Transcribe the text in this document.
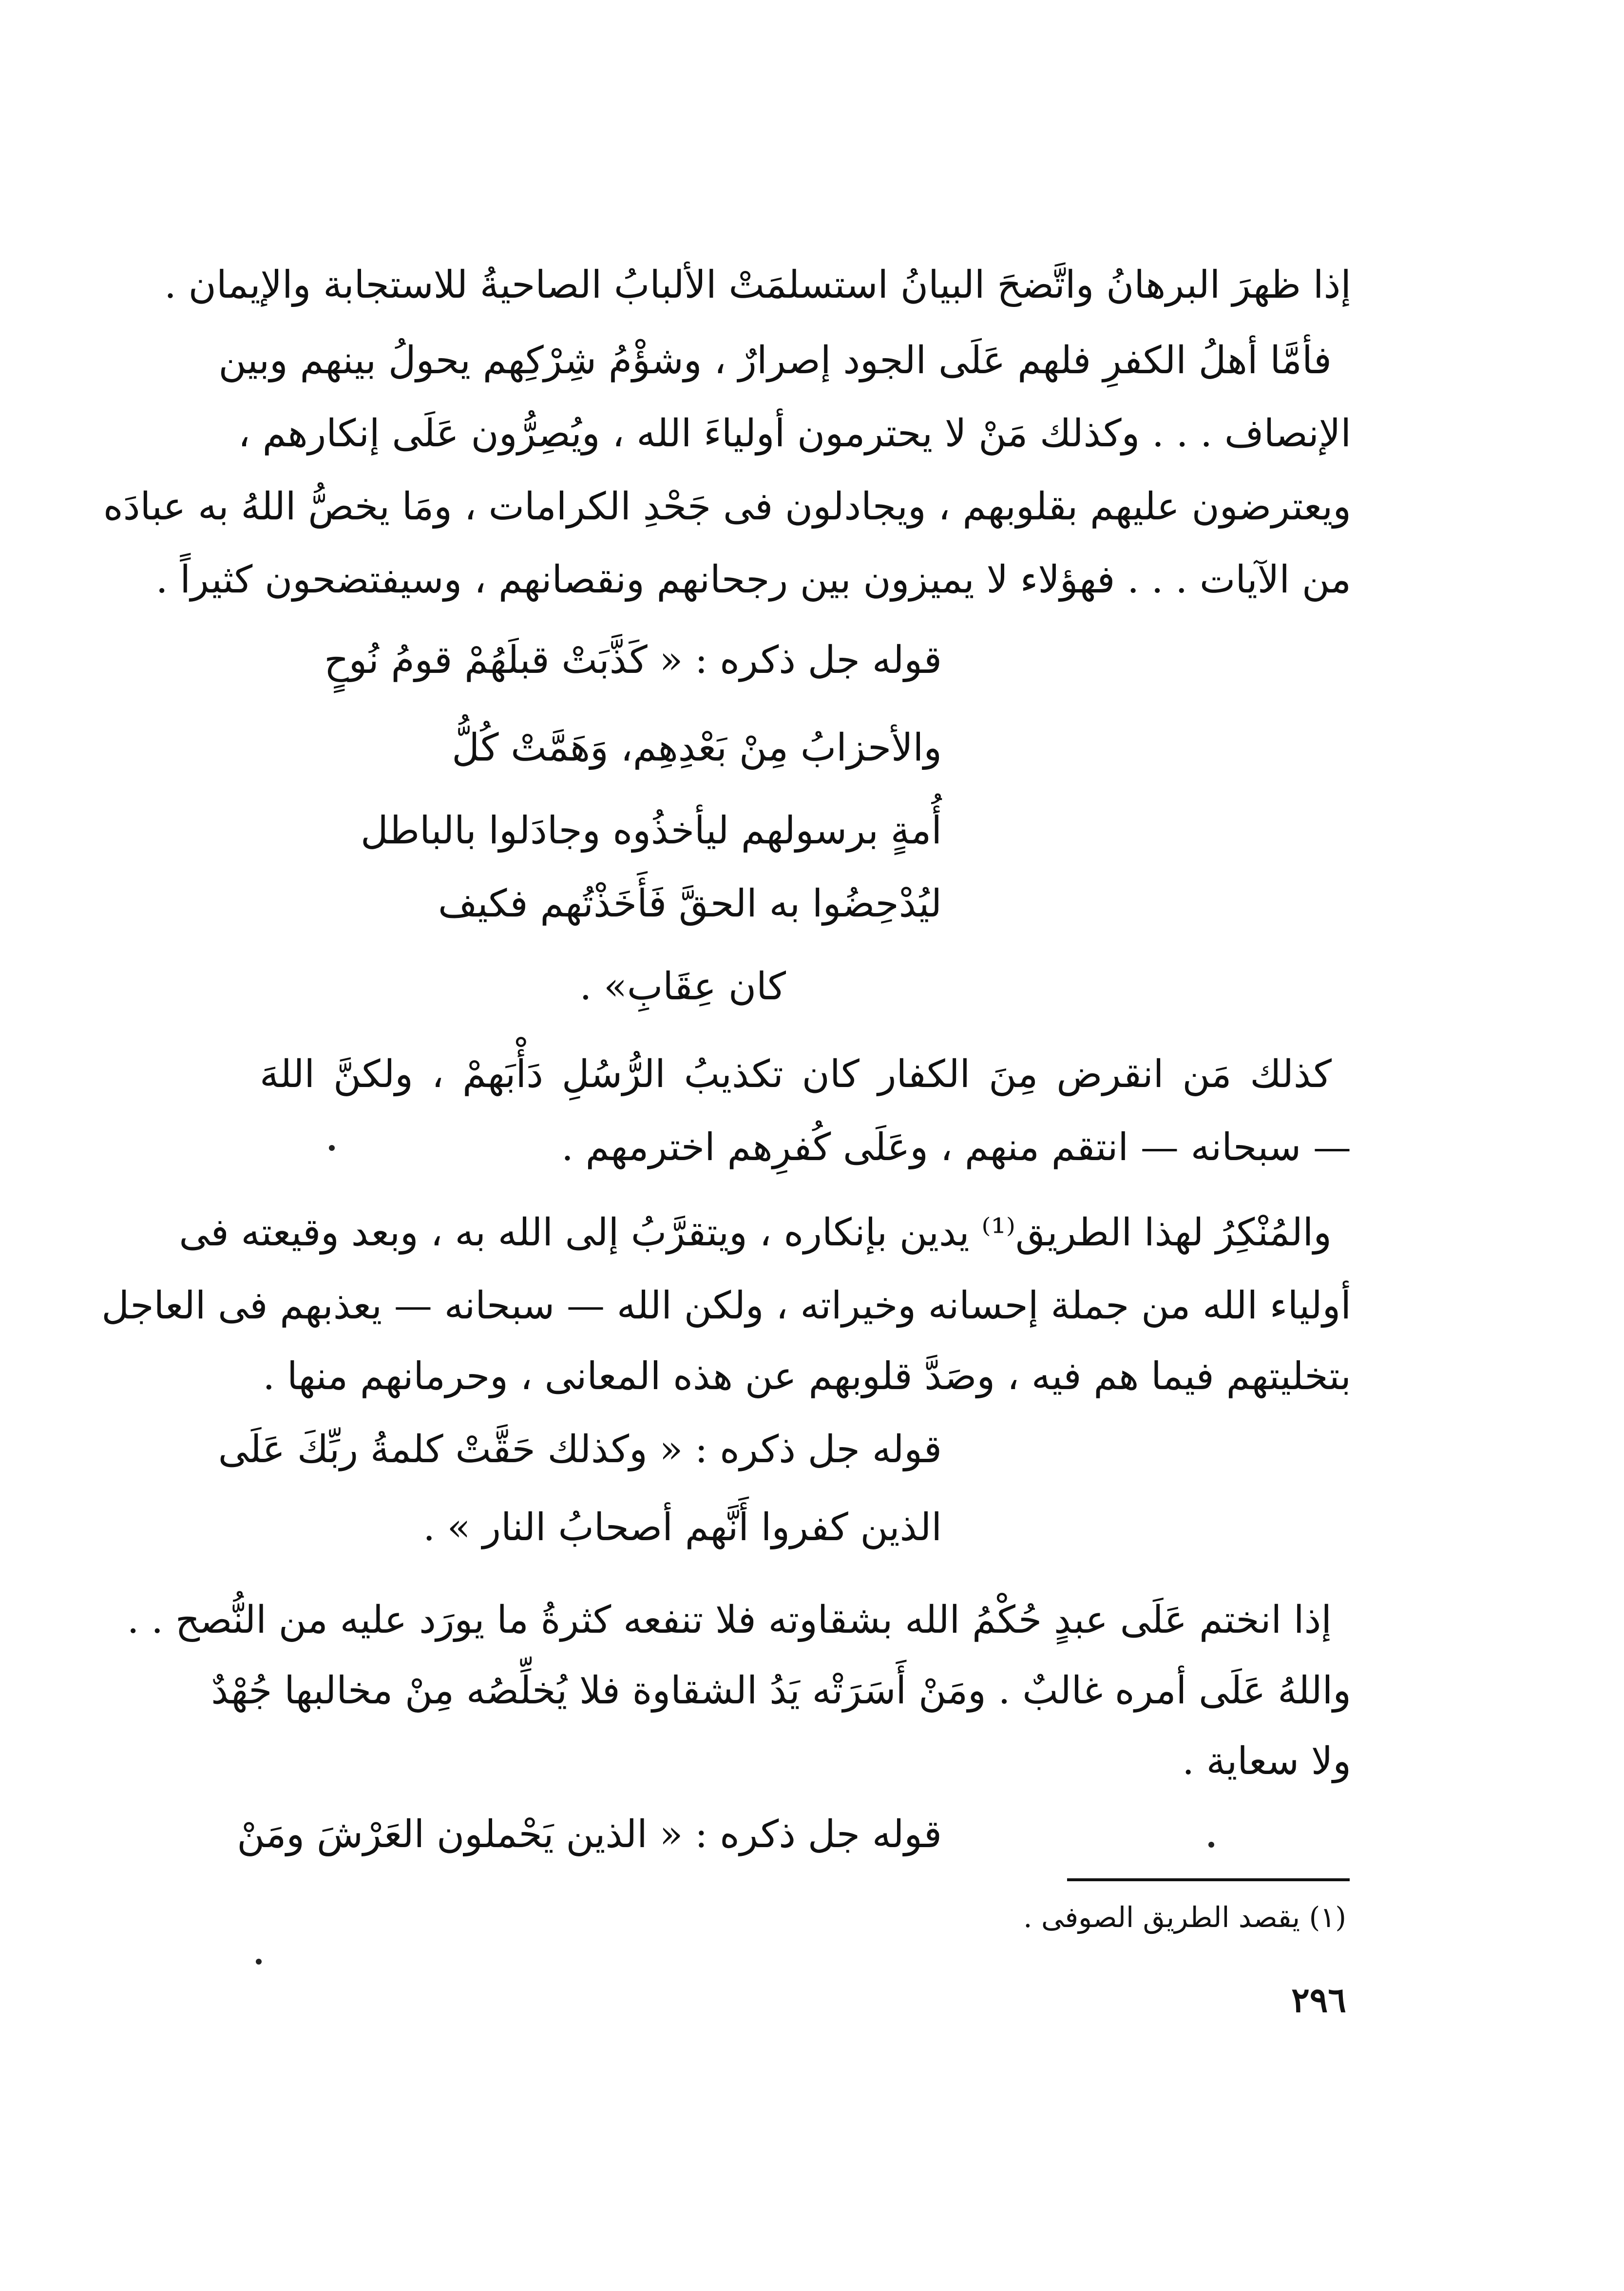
إذا ظهرَ البرهانُ واتَّضحَ البيانُ استسلمَتْ الألبابُ الصاحيةُ للاستجابة والإيمان .
فأمَّا أهلُ الكفرِ فلهم عَلَى الجود إصرارٌ ، وشؤْمُ شِرْكِهم يحولُ بينهم وبين
الإنصاف . . . وكذلك مَنْ لا يحترمون أولياءَ الله ، ويُصِرُّون عَلَى إنكارهم ،
ويعترضون عليهم بقلوبهم ، ويجادلون فى جَحْدِ الكرامات ، ومَا يخصُّ اللهُ به عبادَه
من الآيات . . . فهؤلاء لا يميزون بين رجحانهم ونقصانهم ، وسيفتضحون كثيراً .
قوله جل ذكره : « كَذَّبَتْ قبلَهُمْ قومُ نُوحٍ
والأحزابُ مِنْ بَعْدِهِم، وَهَمَّتْ كُلُّ
أُمةٍ برسولهم ليأخذُوه وجادَلوا بالباطل
ليُدْحِضُوا به الحقَّ فَأَخَذْتُهم فكيف
كان عِقَابِ» .
كذلك مَن انقرض مِنَ الكفار كان تكذيبُ الرُّسُلِ دَأْبَهمْ ، ولكنَّ اللهَ
— سبحانه — انتقم منهم ، وعَلَى كُفرِهم اخترمهم .
والمُنْكِرُ لهذا الطريق⁽¹⁾ يدين بإنكاره ، ويتقرَّبُ إلى الله به ، وبعد وقيعته فى
أولياء الله من جملة إحسانه وخيراته ، ولكن الله — سبحانه — يعذبهم فى العاجل
بتخليتهم فيما هم فيه ، وصَدَّ قلوبهم عن هذه المعانى ، وحرمانهم منها .
قوله جل ذكره : « وكذلك حَقَّتْ كلمةُ ربِّكَ عَلَى
الذين كفروا أَنَّهم أصحابُ النار » .
إذا انختم عَلَى عبدٍ حُكْمُ الله بشقاوته فلا تنفعه كثرةُ ما يورَد عليه من النُّصح . .
واللهُ عَلَى أمره غالبٌ . ومَنْ أَسَرَتْه يَدُ الشقاوة فلا يُخلِّصُه مِنْ مخالبها جُهْدٌ
ولا سعاية .
قوله جل ذكره : « الذين يَحْملون العَرْشَ ومَنْ
(١) يقصد الطريق الصوفى .
٢٩٦
